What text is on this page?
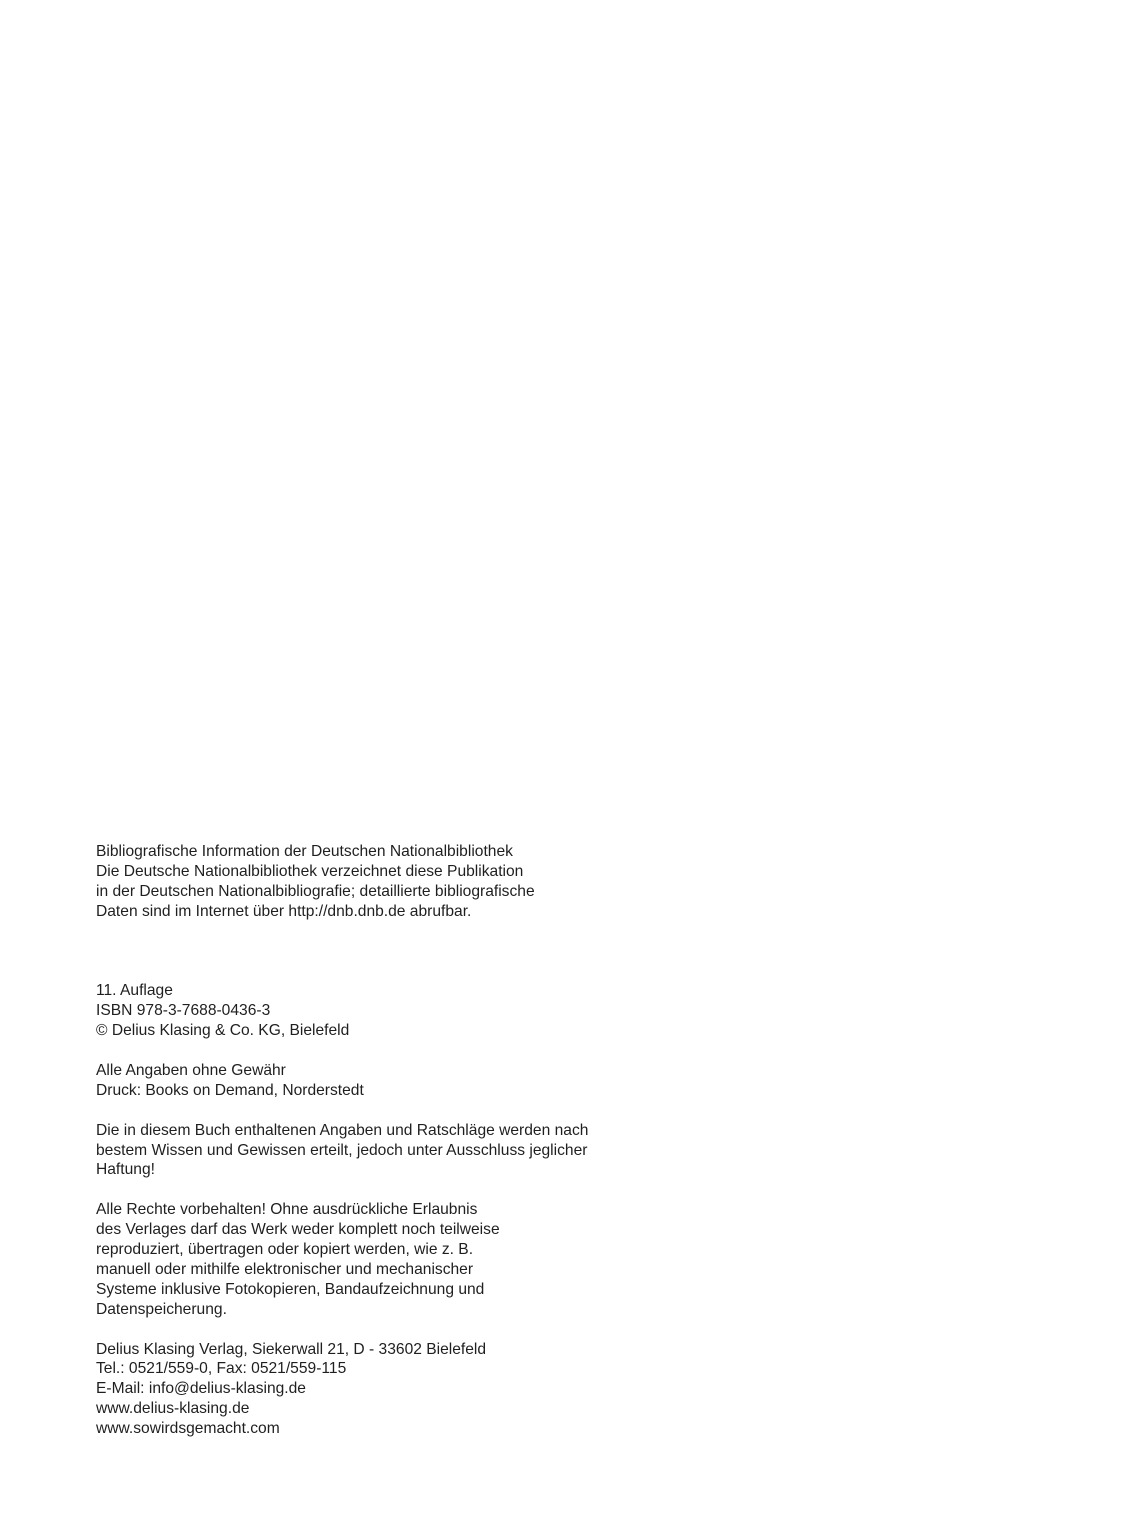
Bibliografische Information der Deutschen Nationalbibliothek
Die Deutsche Nationalbibliothek verzeichnet diese Publikation
in der Deutschen Nationalbibliografie; detaillierte bibliografische
Daten sind im Internet über http://dnb.dnb.de abrufbar.
11. Auflage
ISBN 978-3-7688-0436-3
© Delius Klasing & Co. KG, Bielefeld
Alle Angaben ohne Gewähr
Druck: Books on Demand, Norderstedt
Die in diesem Buch enthaltenen Angaben und Ratschläge werden nach
bestem Wissen und Gewissen erteilt, jedoch unter Ausschluss jeglicher
Haftung!
Alle Rechte vorbehalten! Ohne ausdrückliche Erlaubnis
des Verlages darf das Werk weder komplett noch teilweise
reproduziert, übertragen oder kopiert werden, wie z. B.
manuell oder mithilfe elektronischer und mechanischer
Systeme inklusive Fotokopieren, Bandaufzeichnung und
Datenspeicherung.
Delius Klasing Verlag, Siekerwall 21, D - 33602 Bielefeld
Tel.: 0521/559-0, Fax: 0521/559-115
E-Mail: info@delius-klasing.de
www.delius-klasing.de
www.sowirdsgemacht.com
